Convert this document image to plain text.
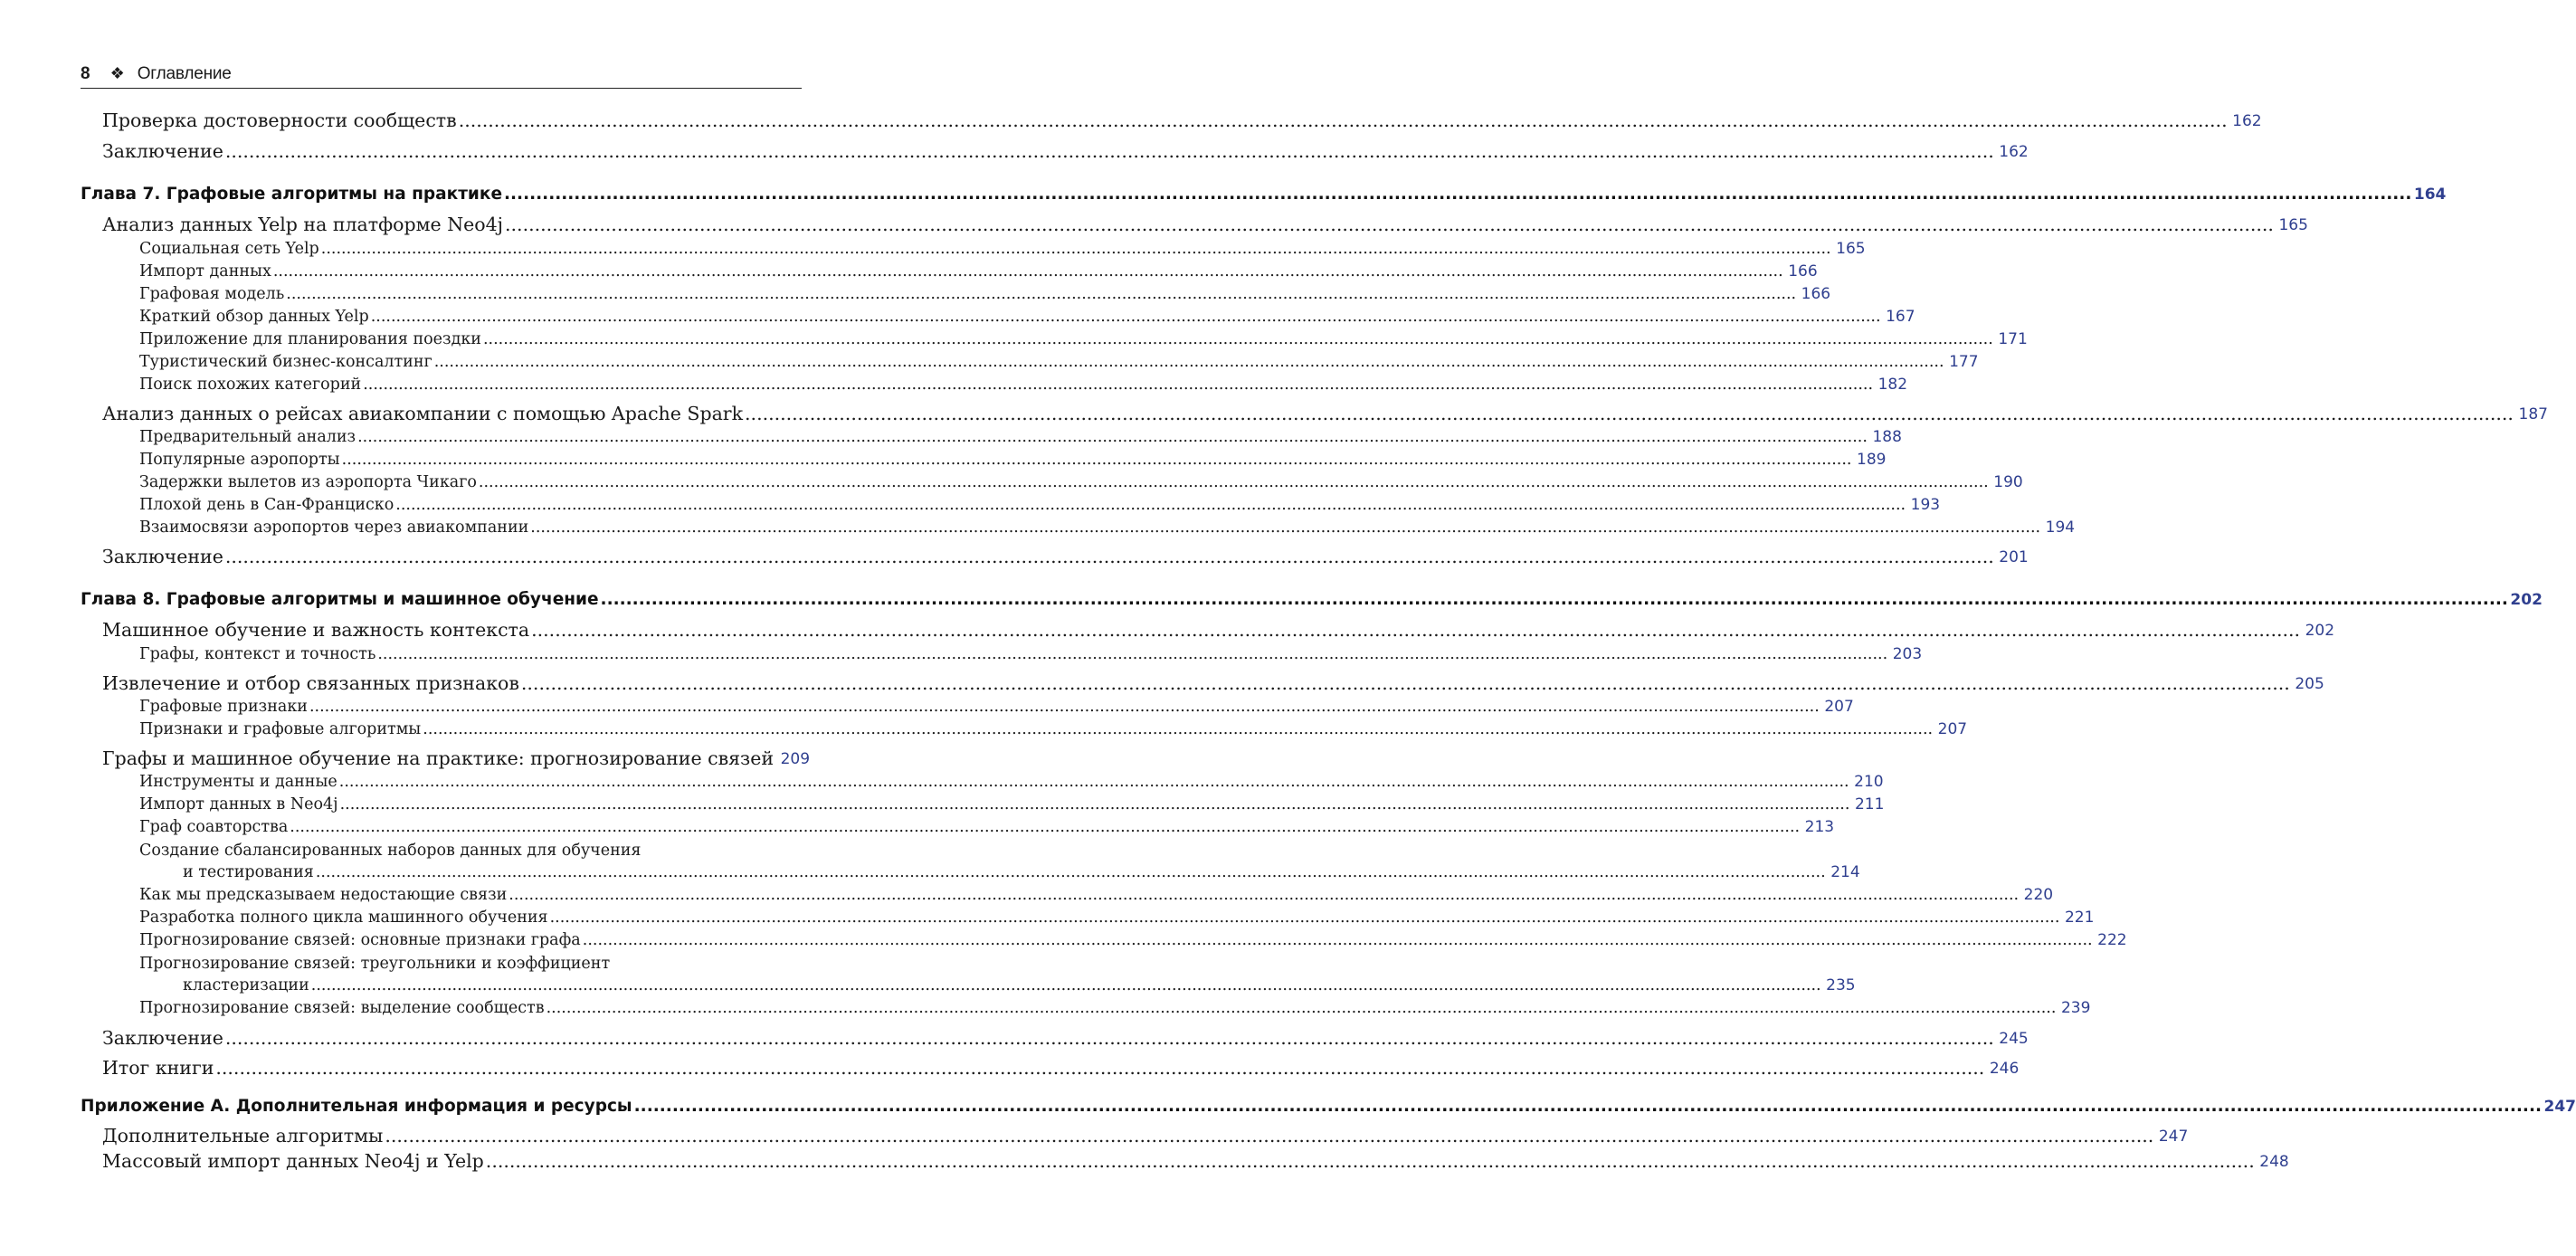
8 ❖ Оглавление
Проверка достоверности сообществ ............................................................................................................................................................................................................................................................................................................ 162
Заключение ............................................................................................................................................................................................................................................................................................................ 162
Глава 7. Графовые алгоритмы на практике ............................................................................................................................................................................................................................................................................................................ 164
Анализ данных Yelp на платформе Neo4j ............................................................................................................................................................................................................................................................................................................ 165
Социальная сеть Yelp ............................................................................................................................................................................................................................................................................................................ 165
Импорт данных ............................................................................................................................................................................................................................................................................................................ 166
Графовая модель ............................................................................................................................................................................................................................................................................................................ 166
Краткий обзор данных Yelp ............................................................................................................................................................................................................................................................................................................ 167
Приложение для планирования поездки ............................................................................................................................................................................................................................................................................................................ 171
Туристический бизнес-консалтинг ............................................................................................................................................................................................................................................................................................................ 177
Поиск похожих категорий ............................................................................................................................................................................................................................................................................................................ 182
Анализ данных о рейсах авиакомпании с помощью Apache Spark ............................................................................................................................................................................................................................................................................................................ 187
Предварительный анализ ............................................................................................................................................................................................................................................................................................................ 188
Популярные аэропорты ............................................................................................................................................................................................................................................................................................................ 189
Задержки вылетов из аэропорта Чикаго ............................................................................................................................................................................................................................................................................................................ 190
Плохой день в Сан-Франциско ............................................................................................................................................................................................................................................................................................................ 193
Взаимосвязи аэропортов через авиакомпании ............................................................................................................................................................................................................................................................................................................ 194
Заключение ............................................................................................................................................................................................................................................................................................................ 201
Глава 8. Графовые алгоритмы и машинное обучение ............................................................................................................................................................................................................................................................................................................ 202
Машинное обучение и важность контекста ............................................................................................................................................................................................................................................................................................................ 202
Графы, контекст и точность ............................................................................................................................................................................................................................................................................................................ 203
Извлечение и отбор связанных признаков ............................................................................................................................................................................................................................................................................................................ 205
Графовые признаки ............................................................................................................................................................................................................................................................................................................ 207
Признаки и графовые алгоритмы ............................................................................................................................................................................................................................................................................................................ 207
Графы и машинное обучение на практике: прогнозирование связей 209
Инструменты и данные ............................................................................................................................................................................................................................................................................................................ 210
Импорт данных в Neo4j ............................................................................................................................................................................................................................................................................................................ 211
Граф соавторства ............................................................................................................................................................................................................................................................................................................ 213
Создание сбалансированных наборов данных для обучения
и тестирования ............................................................................................................................................................................................................................................................................................................ 214
Как мы предсказываем недостающие связи ............................................................................................................................................................................................................................................................................................................ 220
Разработка полного цикла машинного обучения ............................................................................................................................................................................................................................................................................................................ 221
Прогнозирование связей: основные признаки графа ............................................................................................................................................................................................................................................................................................................ 222
Прогнозирование связей: треугольники и коэффициент
кластеризации ............................................................................................................................................................................................................................................................................................................ 235
Прогнозирование связей: выделение сообществ ............................................................................................................................................................................................................................................................................................................ 239
Заключение ............................................................................................................................................................................................................................................................................................................ 245
Итог книги ............................................................................................................................................................................................................................................................................................................ 246
Приложение A. Дополнительная информация и ресурсы ............................................................................................................................................................................................................................................................................................................ 247
Дополнительные алгоритмы ............................................................................................................................................................................................................................................................................................................ 247
Массовый импорт данных Neo4j и Yelp ............................................................................................................................................................................................................................................................................................................ 248
